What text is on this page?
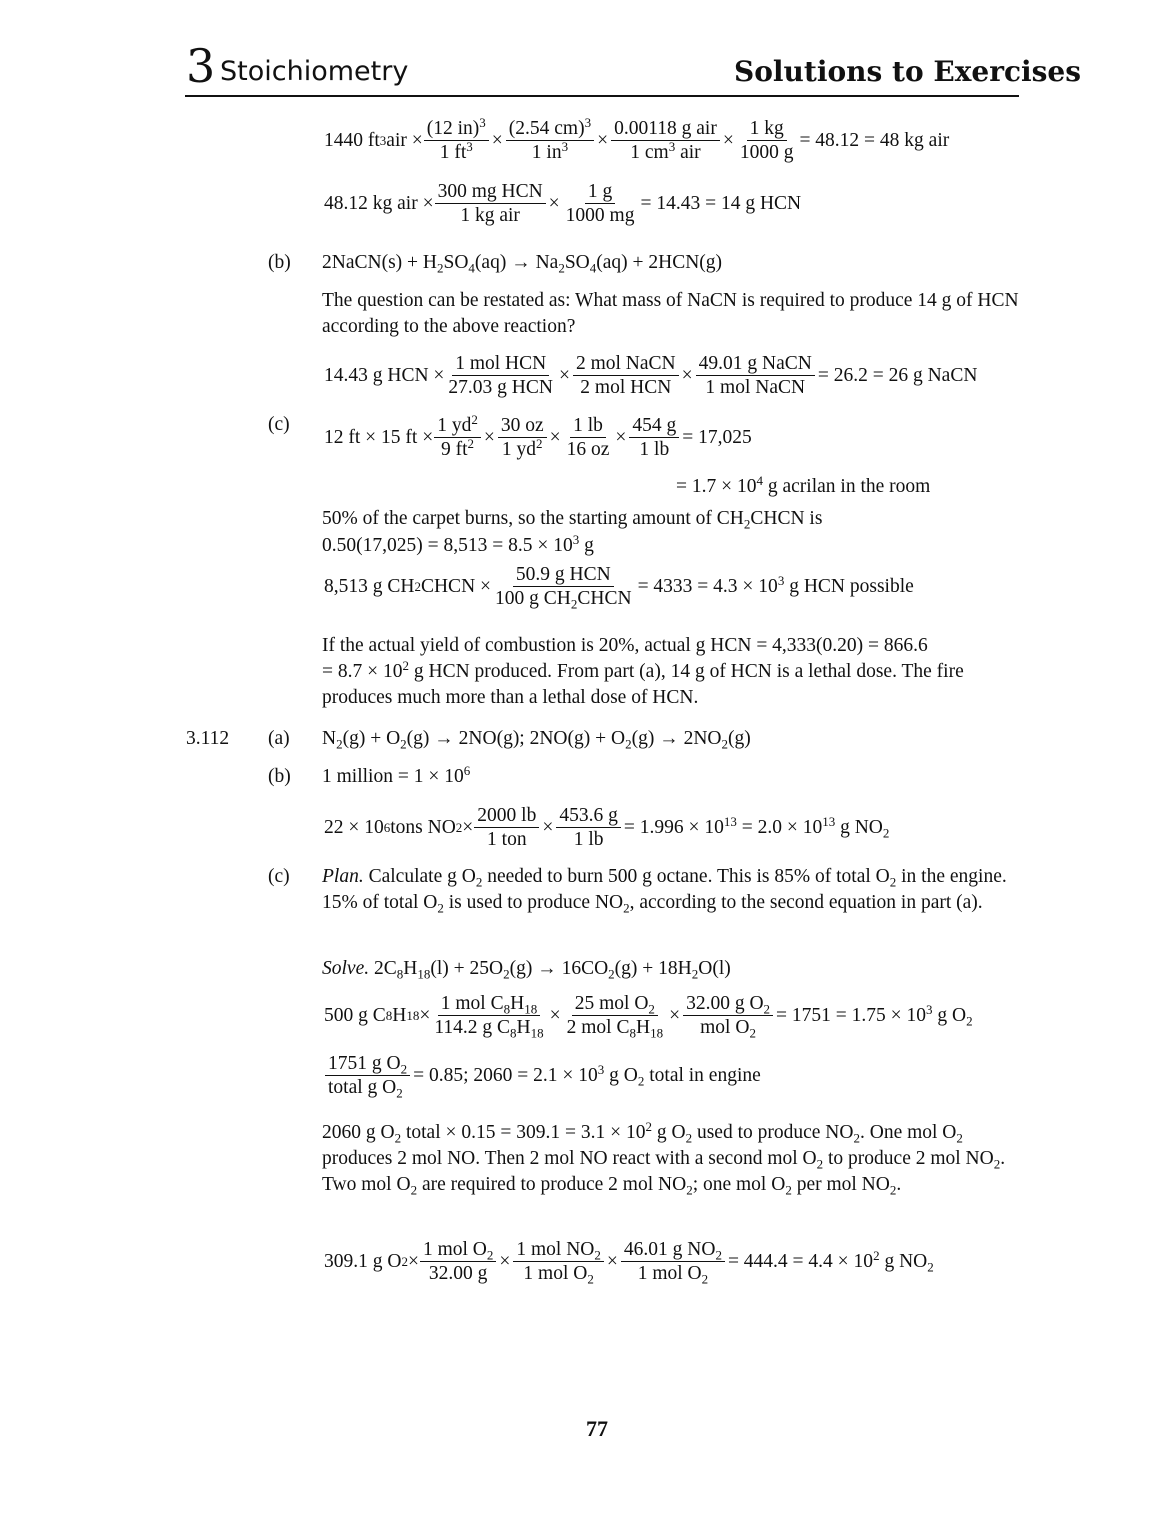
3 Stoichiometry	Solutions to Exercises
1440 ft 3 air × $\frac{(12 in)^3}{1 ft^3} \times \frac{(2.54 cm)^3}{1 in^3}$ ×
0.00118 g air
1 $cm^3$ air
× $\frac{1 kg}{1000 g} = 48.12 = 48$ kg air
48.12 kg air ×
300 mg HCN
1 kg air
× $\frac{1 g}{1000 mg} = 14.43 = 14$ g HCN
(b) 2NaCN(s) + $H_2SO_4(aq) \to Na_2SO_4(aq) + 2HCN(g)$
The question can be restated as: What mass of NaCN is required to produce 14 g of HCN according to the above reaction?
14.43 g HCN ×
1 mol HCN
27.03 g HCN
×
2 mol NaCN
2 mol HCN
×
49.01 g NaCN
1 mol NaCN
= 26.2 = 26 g NaCN
(c)
12 ft × 15 ft × $\frac{1 yd^2}{9 ft^2} \times \frac{30 oz}{1 yd^2} \times \frac{1 lb}{16 oz} \times \frac{454 g}{1 lb} = 17,025$
= $1.7 \times 10^4$ g acrilan in the room
50% of the carpet burns, so the starting amount of $CH_2CHCN$ is
$0.50(17,025) = 8,513 = 8.5 \times 10^3$ g
8,513 g CH 2 CHCN ×
50.9 g HCN
100 g $CH_2CHCN$
= $4333 = 4.3 \times 10^3$ g HCN possible
If the actual yield of combustion is 20%, actual g HCN = 4,333(0.20) = 866.6
= $8.7 \times 10^2$ g HCN produced. From part (a), 14 g of HCN is a lethal dose. The fire produces much more than a lethal dose of HCN.
3.112 (a) $N_2(g) + O_2(g) \to 2NO(g)$; $2NO(g) + O_2(g) \to 2NO_2(g)$
(b) 1 million = $1 \times 10^6$
22 × 10 6 tons NO 2 ×
2000 lb
1 ton
× $\frac{453.6 g}{1 lb} = 1.996 \times 10^{13} = 2.0 \times 10^{13}$ g $NO_2$
(c) Plan. Calculate g $O_2$ needed to burn 500 g octane. This is 85% of total $O_2$ in the engine. 15% of total $O_2$ is used to produce $NO_2$, according to the second equation in part (a).
Solve. $2C_8H_{18}(l) + 25O_2(g) \to 16CO_2(g) + 18H_2O(l)$
500 g C 8 H 18 ×
1 mol $C_8H_{18}$
114.2 g $C_8H_{18}$
×
25 mol $O_2$
2 mol $C_8H_{18}$
×
32.00 g $O_2$
mol $O_2$
= $1751 = 1.75 \times 10^3$ g $O_2$
1751 g $O_2$
total g $O_2$
= 0.85; $2060 = 2.1 \times 10^3$ g $O_2$ total in engine
2060 g $O_2$ total × $0.15 = 309.1 = 3.1 \times 10^2$ g $O_2$ used to produce $NO_2$. One mol $O_2$ produces 2 mol NO. Then 2 mol NO react with a second mol $O_2$ to produce 2 mol $NO_2$. Two mol $O_2$ are required to produce 2 mol $NO_2$; one mol $O_2$ per mol $NO_2$.
309.1 g O 2 ×
1 mol $O_2$
32.00 g
×
1 mol $NO_2$
1 mol $O_2$
×
46.01 g $NO_2$
1 mol $O_2$
= $444.4 = 4.4 \times 10^2$ g $NO_2$
77
